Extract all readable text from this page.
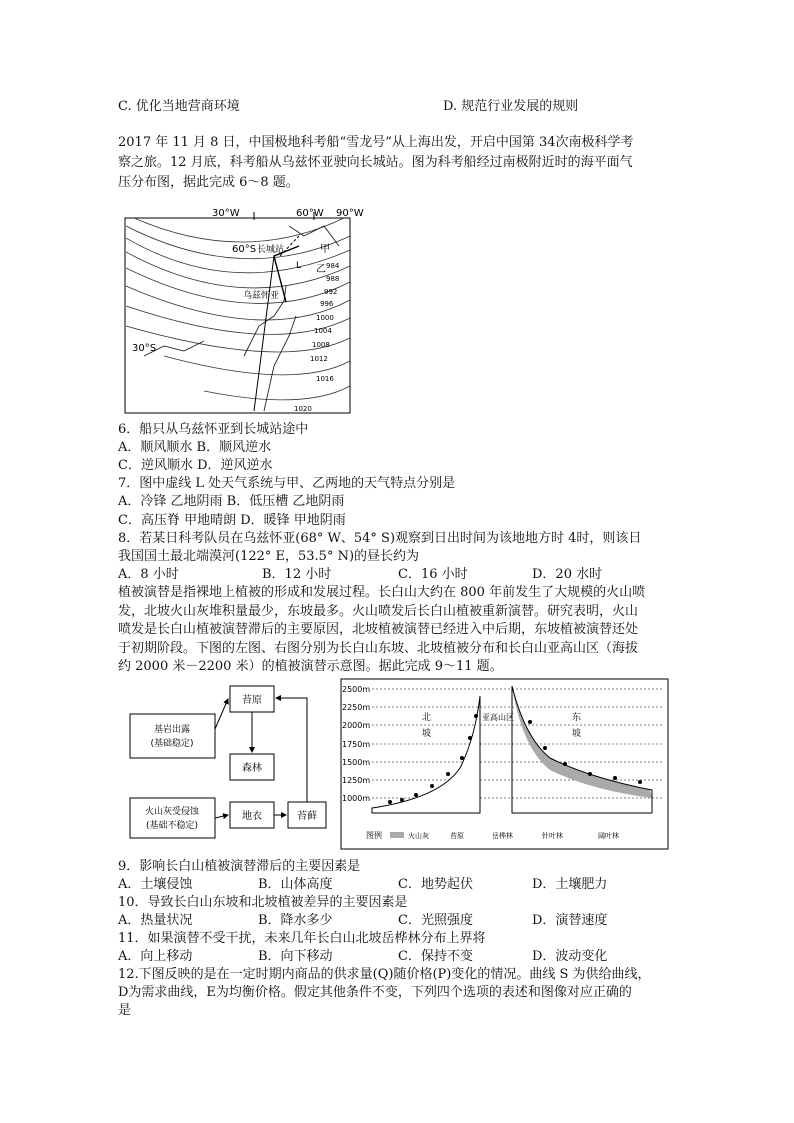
C. 优化当地营商环境	D. 规范行业发展的规则
2017 年 11 月 8 日，中国极地科考船“雪龙号”从上海出发，开启中国第 34次南极科学考
察之旅。12 月底，科考船从乌兹怀亚驶向长城站。图为科考船经过南极附近时的海平面气
压分布图，据此完成 6～8 题。
30°W	60°W 90°W
60°S
30°S
长城站
乌兹怀亚
甲
乙
L	984
988
992
996
1000
1004
1008
1012
1016
1020
6．船只从乌兹怀亚到长城站途中
A．顺风顺水 B．顺风逆水
C．逆风顺水 D．逆风逆水
7．图中虚线 L 处天气系统与甲、乙两地的天气特点分别是
A．冷锋 乙地阴雨 B．低压槽 乙地阴雨
C．高压脊 甲地晴朗 D．暖锋 甲地阴雨
8．若某日科考队员在乌兹怀亚(68° W、54° S)观察到日出时间为该地地方时 4时，则该日
我国国土最北端漠河(122° E，53.5° N)的昼长约为
A．8 小时	B．12 小时	C．16 小时	D．20 水时
植被演替是指裸地上植被的形成和发展过程。长白山大约在 800 年前发生了大规模的火山喷
发，北坡火山灰堆积量最少，东坡最多。火山喷发后长白山植被重新演替。研究表明，火山
喷发是长白山植被演替滞后的主要原因，北坡植被演替已经进入中后期，东坡植被演替还处
于初期阶段。下图的左图、右图分别为长白山东坡、北坡植被分布和长白山亚高山区（海拔
约 2000 米－2200 米）的植被演替示意图。据此完成 9～11 题。
基岩出露
(基础稳定)
苔原
森林
火山灰受侵蚀
(基础不稳定)
地衣	苔藓
2500m
2250m
2000m
1750m
1500m
1250m
1000m
北
坡
东
坡
亚高山区
图例	火山灰	苔原	岳桦林	针叶林	阔叶林
9．影响长白山植被演替滞后的主要因素是
A．土壤侵蚀	B．山体高度	C．地势起伏	D．土壤肥力
10．导致长白山东坡和北坡植被差异的主要因素是
A．热量状况	B．降水多少	C．光照强度	D．演替速度
11．如果演替不受干扰，未来几年长白山北坡岳桦林分布上界将
A．向上移动	B．向下移动	C．保持不变	D．波动变化
12.下图反映的是在一定时期内商品的供求量(Q)随价格(P)变化的情况。曲线 S 为供给曲线，
D为需求曲线，E为均衡价格。假定其他条件不变，下列四个选项的表述和图像对应正确的
是
